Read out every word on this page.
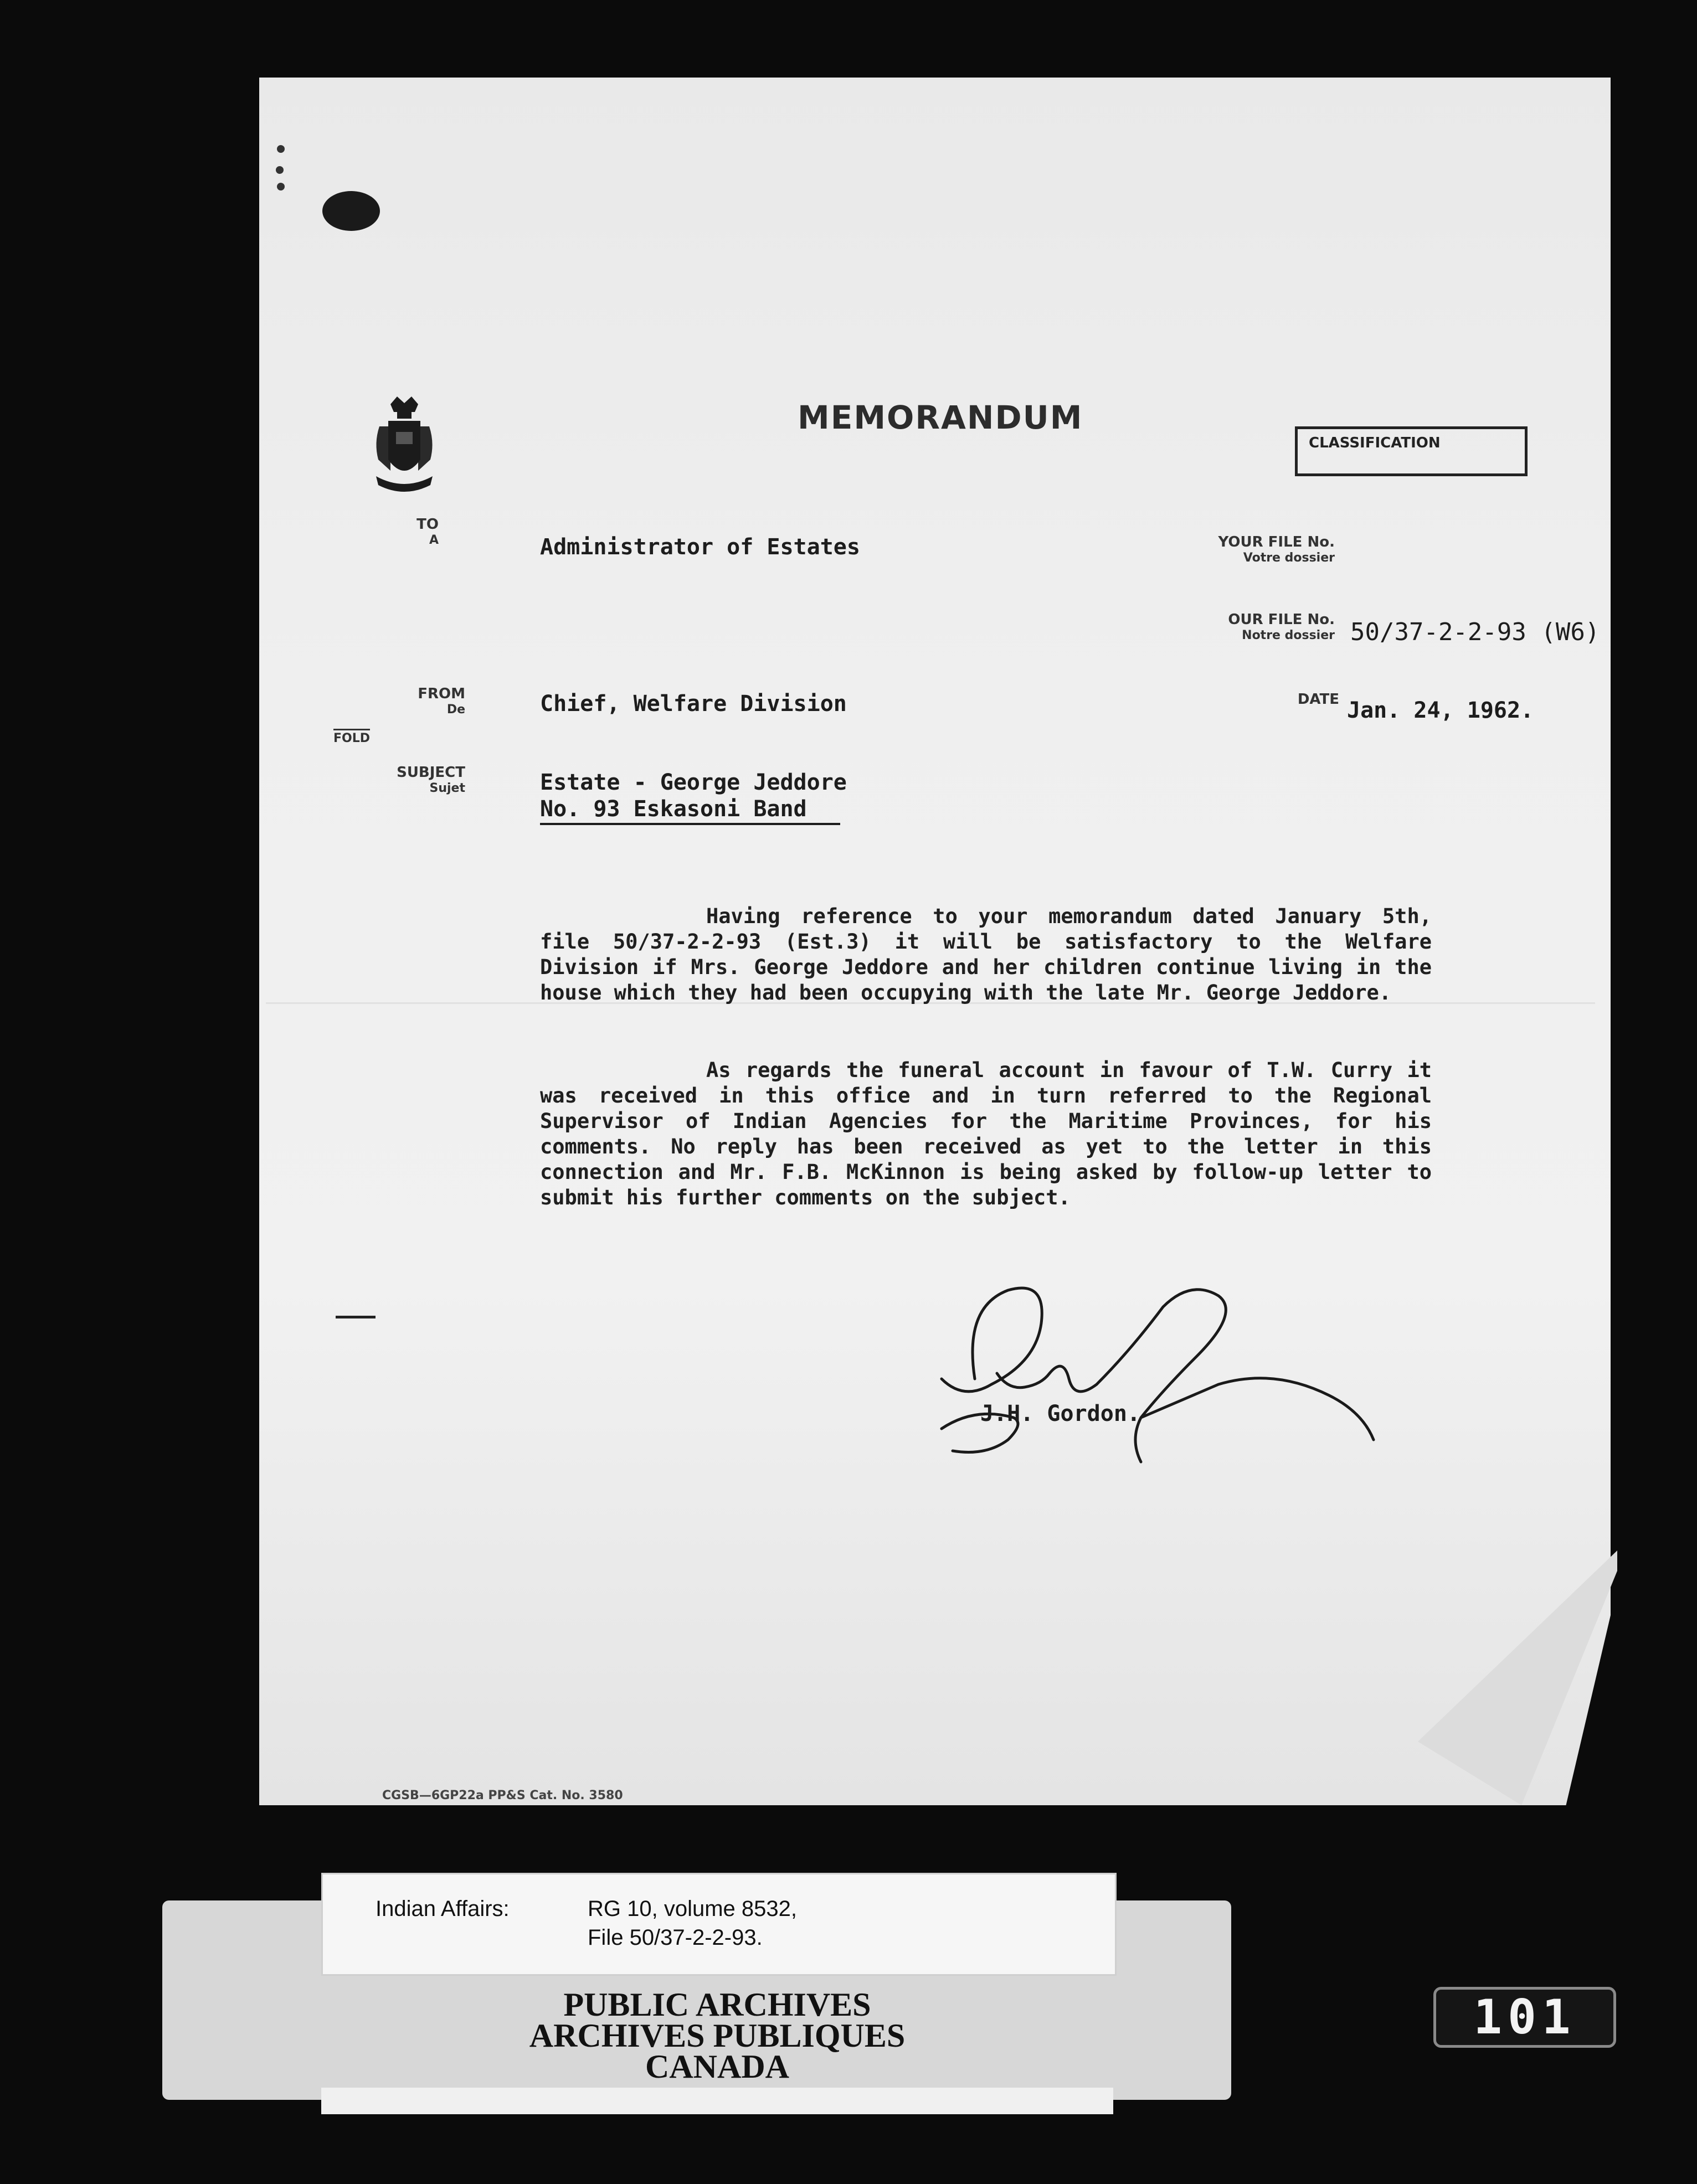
MEMORANDUM
CLASSIFICATION
TO
A	Administrator of Estates	YOUR FILE No.
Votre dossier
OUR FILE No.
Notre dossier 50/37-2-2-93 (W6)
FROM
De	Chief, Welfare Division	DATE Jan. 24, 1962.
FOLD
SUBJECT
Sujet	Estate - George Jeddore
No. 93 Eskasoni Band
Having reference to your memorandum dated January 5th, file 50/37-2-2-93 (Est.3) it will be satisfactory to the Welfare Division if Mrs. George Jeddore and her children continue living in the house which they had been occupying with the late Mr. George Jeddore.
As regards the funeral account in favour of T.W. Curry it was received in this office and in turn referred to the Regional Supervisor of Indian Agencies for the Maritime Provinces, for his comments. No reply has been received as yet to the letter in this connection and Mr. F.B. McKinnon is being asked by follow-up letter to submit his further comments on the subject.
J.H. Gordon.
CGSB—6GP22a PP&S Cat. No. 3580
Indian Affairs:	RG 10, volume 8532,
File 50/37-2-2-93.
PUBLIC ARCHIVES
ARCHIVES PUBLIQUES
CANADA
101
